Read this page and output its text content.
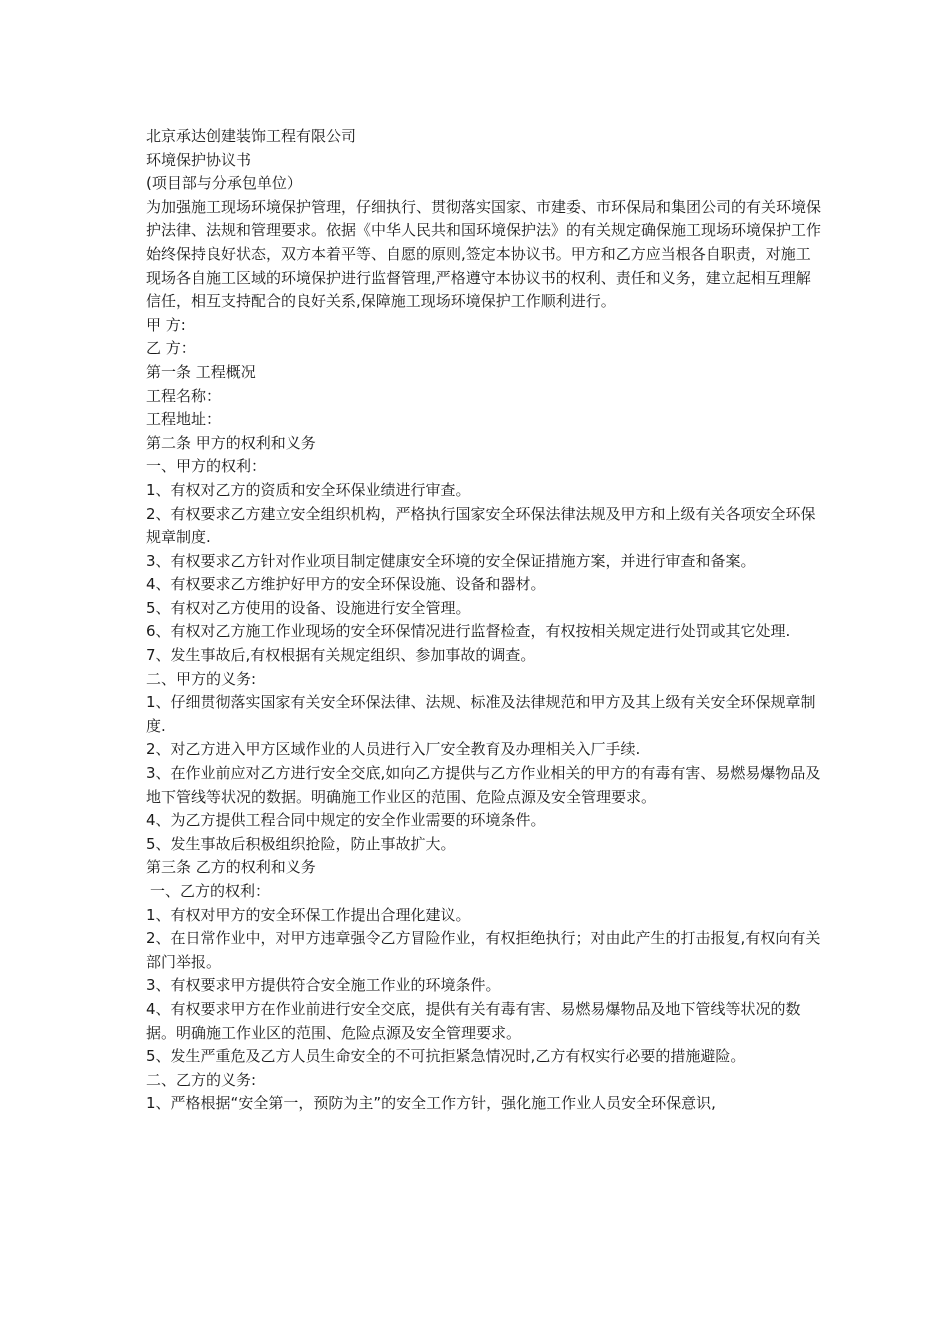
北京承达创建装饰工程有限公司

环境保护协议书

(项目部与分承包单位）

为加强施工现场环境保护管理，仔细执行、贯彻落实国家、市建委、市环保局和集团公司的有关环境保护法律、法规和管理要求。依据《中华人民共和国环境保护法》的有关规定确保施工现场环境保护工作始终保持良好状态，双方本着平等、自愿的原则,签定本协议书。甲方和乙方应当根各自职责，对施工现场各自施工区域的环境保护进行监督管理,严格遵守本协议书的权利、责任和义务，建立起相互理解信任，相互支持配合的良好关系,保障施工现场环境保护工作顺利进行。

甲 方:

乙 方：

第一条 工程概况

工程名称：

工程地址：

第二条 甲方的权利和义务

一、甲方的权利：

1、有权对乙方的资质和安全环保业绩进行审查。

2、有权要求乙方建立安全组织机构，严格执行国家安全环保法律法规及甲方和上级有关各项安全环保规章制度.

3、有权要求乙方针对作业项目制定健康安全环境的安全保证措施方案，并进行审查和备案。

4、有权要求乙方维护好甲方的安全环保设施、设备和器材。

5、有权对乙方使用的设备、设施进行安全管理。

6、有权对乙方施工作业现场的安全环保情况进行监督检查，有权按相关规定进行处罚或其它处理.

7、发生事故后,有权根据有关规定组织、参加事故的调查。

二、甲方的义务:

1、仔细贯彻落实国家有关安全环保法律、法规、标准及法律规范和甲方及其上级有关安全环保规章制度.

2、对乙方进入甲方区域作业的人员进行入厂安全教育及办理相关入厂手续.

3、在作业前应对乙方进行安全交底,如向乙方提供与乙方作业相关的甲方的有毒有害、易燃易爆物品及地下管线等状况的数据。明确施工作业区的范围、危险点源及安全管理要求。

4、为乙方提供工程合同中规定的安全作业需要的环境条件。

5、发生事故后积极组织抢险，防止事故扩大。

第三条 乙方的权利和义务

一、乙方的权利：

1、有权对甲方的安全环保工作提出合理化建议。

2、在日常作业中，对甲方违章强令乙方冒险作业，有权拒绝执行；对由此产生的打击报复,有权向有关部门举报。

3、有权要求甲方提供符合安全施工作业的环境条件。

4、有权要求甲方在作业前进行安全交底，提供有关有毒有害、易燃易爆物品及地下管线等状况的数据。明确施工作业区的范围、危险点源及安全管理要求。

5、发生严重危及乙方人员生命安全的不可抗拒紧急情况时,乙方有权实行必要的措施避险。

二、乙方的义务:

1、严格根据“安全第一，预防为主”的安全工作方针，强化施工作业人员安全环保意识,
